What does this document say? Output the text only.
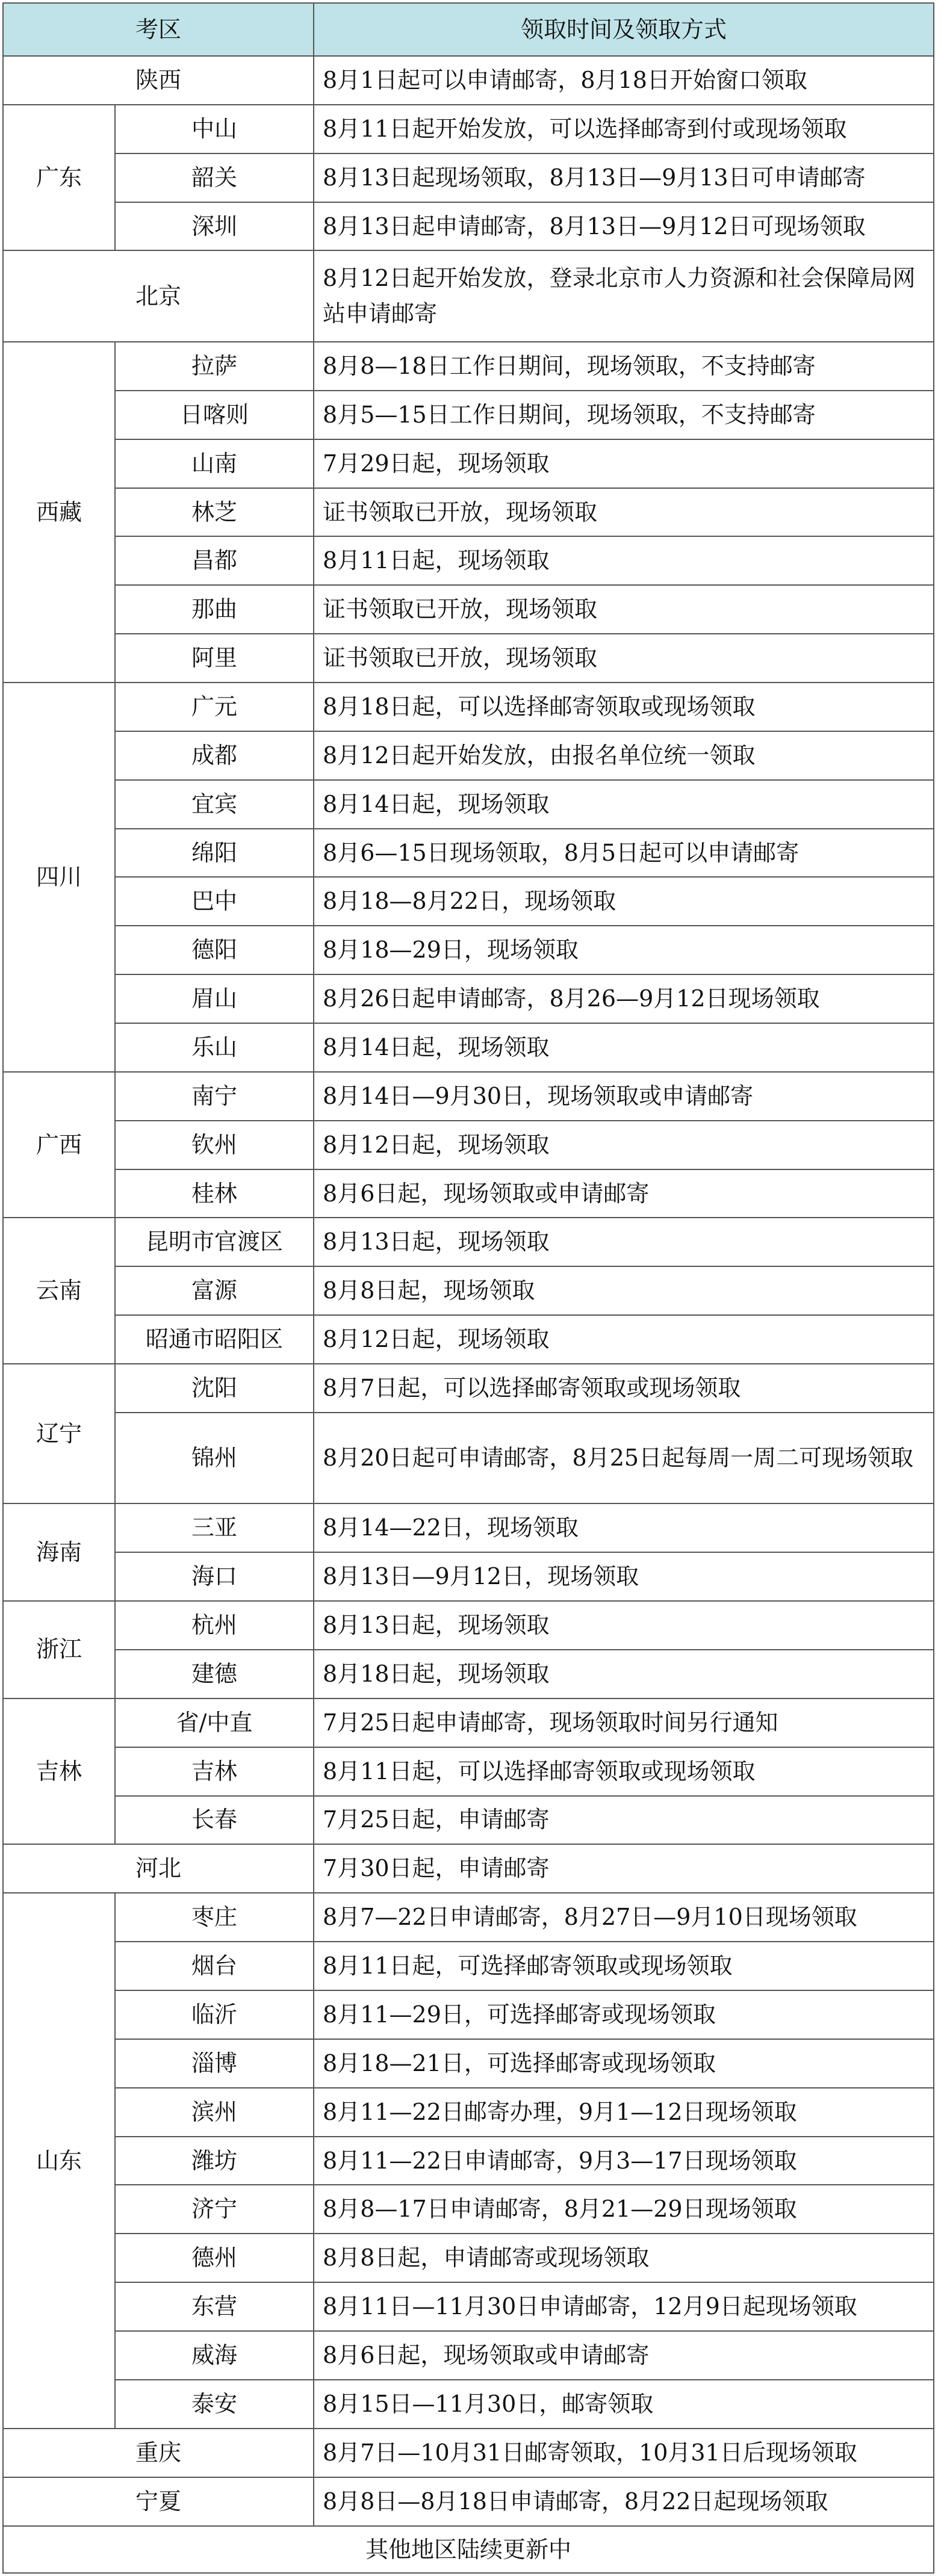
考区		领取时间及领取方式
陕西		8月1日起可以申请邮寄，8月18日开始窗口领取
广东	中山	8月11日起开始发放，可以选择邮寄到付或现场领取
	韶关	8月13日起现场领取，8月13日—9月13日可申请邮寄
	深圳	8月13日起申请邮寄，8月13日—9月12日可现场领取
北京		8月12日起开始发放，登录北京市人力资源和社会保障局网站申请邮寄
西藏	拉萨	8月8—18日工作日期间，现场领取，不支持邮寄
	日喀则	8月5—15日工作日期间，现场领取，不支持邮寄
	山南	7月29日起，现场领取
	林芝	证书领取已开放，现场领取
	昌都	8月11日起，现场领取
	那曲	证书领取已开放，现场领取
	阿里	证书领取已开放，现场领取
四川	广元	8月18日起，可以选择邮寄领取或现场领取
	成都	8月12日起开始发放，由报名单位统一领取
	宜宾	8月14日起，现场领取
	绵阳	8月6—15日现场领取，8月5日起可以申请邮寄
	巴中	8月18—8月22日，现场领取
	德阳	8月18—29日，现场领取
	眉山	8月26日起申请邮寄，8月26—9月12日现场领取
	乐山	8月14日起，现场领取
广西	南宁	8月14日—9月30日，现场领取或申请邮寄
	钦州	8月12日起，现场领取
	桂林	8月6日起，现场领取或申请邮寄
云南	昆明市官渡区	8月13日起，现场领取
	富源	8月8日起，现场领取
	昭通市昭阳区	8月12日起，现场领取
辽宁	沈阳	8月7日起，可以选择邮寄领取或现场领取
	锦州	8月20日起可申请邮寄，8月25日起每周一周二可现场领取
海南	三亚	8月14—22日，现场领取
	海口	8月13日—9月12日，现场领取
浙江	杭州	8月13日起，现场领取
	建德	8月18日起，现场领取
吉林	省/中直	7月25日起申请邮寄，现场领取时间另行通知
	吉林	8月11日起，可以选择邮寄领取或现场领取
	长春	7月25日起，申请邮寄
河北		7月30日起，申请邮寄
山东	枣庄	8月7—22日申请邮寄，8月27日—9月10日现场领取
	烟台	8月11日起，可选择邮寄领取或现场领取
	临沂	8月11—29日，可选择邮寄或现场领取
	淄博	8月18—21日，可选择邮寄或现场领取
	滨州	8月11—22日邮寄办理，9月1—12日现场领取
	潍坊	8月11—22日申请邮寄，9月3—17日现场领取
	济宁	8月8—17日申请邮寄，8月21—29日现场领取
	德州	8月8日起，申请邮寄或现场领取
	东营	8月11日—11月30日申请邮寄，12月9日起现场领取
	威海	8月6日起，现场领取或申请邮寄
	泰安	8月15日—11月30日，邮寄领取
重庆		8月7日—10月31日邮寄领取，10月31日后现场领取
宁夏		8月8日—8月18日申请邮寄，8月22日起现场领取
其他地区陆续更新中		
